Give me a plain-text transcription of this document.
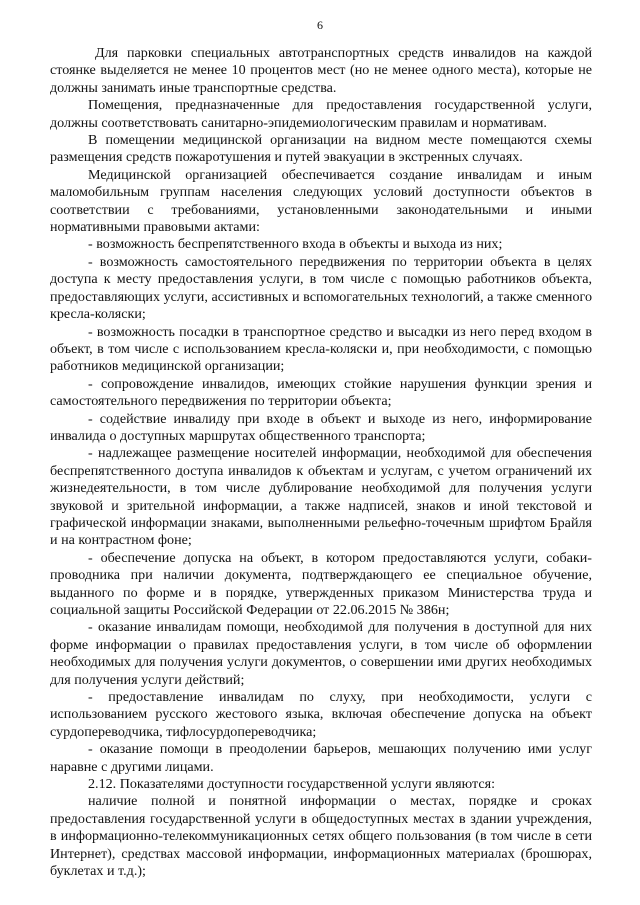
6

Для парковки специальных автотранспортных средств инвалидов на каждой стоянке выделяется не менее 10 процентов мест (но не менее одного места), которые не должны занимать иные транспортные средства.

Помещения, предназначенные для предоставления государственной услуги, должны соответствовать санитарно-эпидемиологическим правилам и нормативам.

В помещении медицинской организации на видном месте помещаются схемы размещения средств пожаротушения и путей эвакуации в экстренных случаях.

Медицинской организацией обеспечивается создание инвалидам и иным маломобильным группам населения следующих условий доступности объектов в соответствии с требованиями, установленными законодательными и иными нормативными правовыми актами:

- возможность беспрепятственного входа в объекты и выхода из них;

- возможность самостоятельного передвижения по территории объекта в целях доступа к месту предоставления услуги, в том числе с помощью работников объекта, предоставляющих услуги, ассистивных и вспомогательных технологий, а также сменного кресла-коляски;

- возможность посадки в транспортное средство и высадки из него перед входом в объект, в том числе с использованием кресла-коляски и, при необходимости, с помощью работников медицинской организации;

- сопровождение инвалидов, имеющих стойкие нарушения функции зрения и самостоятельного передвижения по территории объекта;

- содействие инвалиду при входе в объект и выходе из него, информирование инвалида о доступных маршрутах общественного транспорта;

- надлежащее размещение носителей информации, необходимой для обеспечения беспрепятственного доступа инвалидов к объектам и услугам, с учетом ограничений их жизнедеятельности, в том числе дублирование необходимой для получения услуги звуковой и зрительной информации, а также надписей, знаков и иной текстовой и графической информации знаками, выполненными рельефно-точечным шрифтом Брайля и на контрастном фоне;

- обеспечение допуска на объект, в котором предоставляются услуги, собаки-проводника при наличии документа, подтверждающего ее специальное обучение, выданного по форме и в порядке, утвержденных приказом Министерства труда и социальной защиты Российской Федерации от 22.06.2015 № 386н;

- оказание инвалидам помощи, необходимой для получения в доступной для них форме информации о правилах предоставления услуги, в том числе об оформлении необходимых для получения услуги документов, о совершении ими других необходимых для получения услуги действий;

- предоставление инвалидам по слуху, при необходимости, услуги с использованием русского жестового языка, включая обеспечение допуска на объект сурдопереводчика, тифлосурдопереводчика;

- оказание помощи в преодолении барьеров, мешающих получению ими услуг наравне с другими лицами.

2.12. Показателями доступности государственной услуги являются:

наличие полной и понятной информации о местах, порядке и сроках предоставления государственной услуги в общедоступных местах в здании учреждения, в информационно-телекоммуникационных сетях общего пользования (в том числе в сети Интернет), средствах массовой информации, информационных материалах (брошюрах, буклетах и т.д.);
